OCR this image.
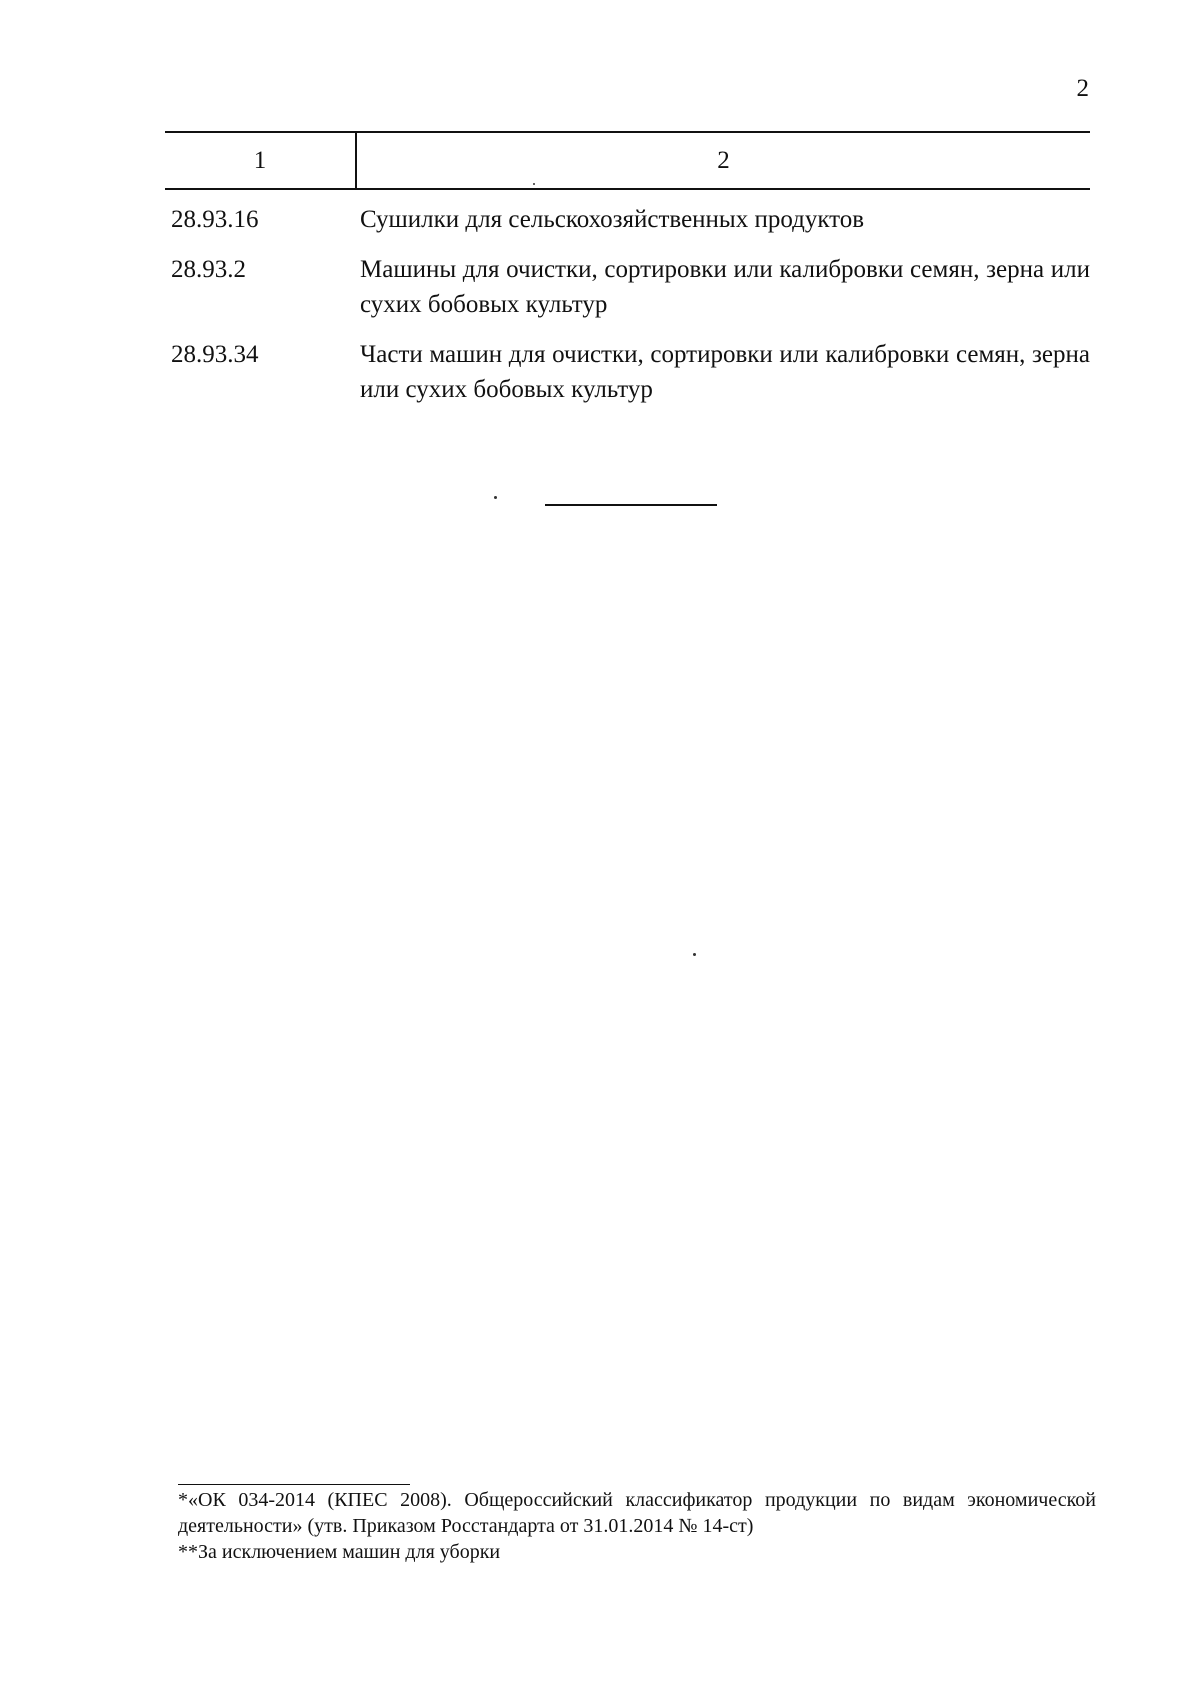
2
1	2
28.93.16	Сушилки для сельскохозяйственных продуктов
28.93.2	Машины для очистки, сортировки или калибровки семян, зерна или сухих бобовых культур
28.93.34	Части машин для очистки, сортировки или калибровки семян, зерна или сухих бобовых культур
*«ОК 034-2014 (КПЕС 2008). Общероссийский классификатор продукции по видам экономической деятельности» (утв. Приказом Росстандарта от 31.01.2014 № 14-ст)
**За исключением машин для уборки
